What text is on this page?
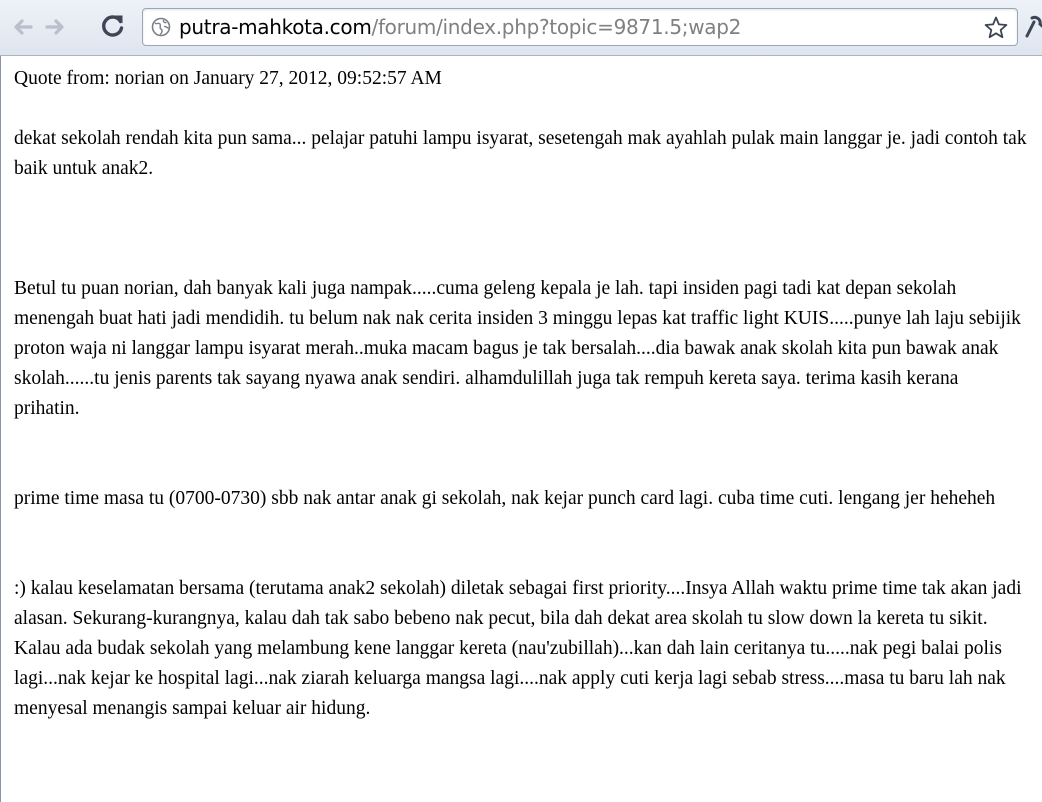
putra-mahkota.com/forum/index.php?topic=9871.5;wap2

Quote from: norian on January 27, 2012, 09:52:57 AM

dekat sekolah rendah kita pun sama... pelajar patuhi lampu isyarat, sesetengah mak ayahlah pulak main langgar je. jadi contoh tak baik untuk anak2.

Betul tu puan norian, dah banyak kali juga nampak.....cuma geleng kepala je lah. tapi insiden pagi tadi kat depan sekolah menengah buat hati jadi mendidih. tu belum nak nak cerita insiden 3 minggu lepas kat traffic light KUIS.....punye lah laju sebijik proton waja ni langgar lampu isyarat merah..muka macam bagus je tak bersalah....dia bawak anak skolah kita pun bawak anak skolah......tu jenis parents tak sayang nyawa anak sendiri. alhamdulillah juga tak rempuh kereta saya. terima kasih kerana prihatin.

prime time masa tu (0700-0730) sbb nak antar anak gi sekolah, nak kejar punch card lagi. cuba time cuti. lengang jer heheheh

:) kalau keselamatan bersama (terutama anak2 sekolah) diletak sebagai first priority....Insya Allah waktu prime time tak akan jadi alasan. Sekurang-kurangnya, kalau dah tak sabo bebeno nak pecut, bila dah dekat area skolah tu slow down la kereta tu sikit. Kalau ada budak sekolah yang melambung kene langgar kereta (nau'zubillah)...kan dah lain ceritanya tu.....nak pegi balai polis lagi...nak kejar ke hospital lagi...nak ziarah keluarga mangsa lagi....nak apply cuti kerja lagi sebab stress....masa tu baru lah nak menyesal menangis sampai keluar air hidung.
